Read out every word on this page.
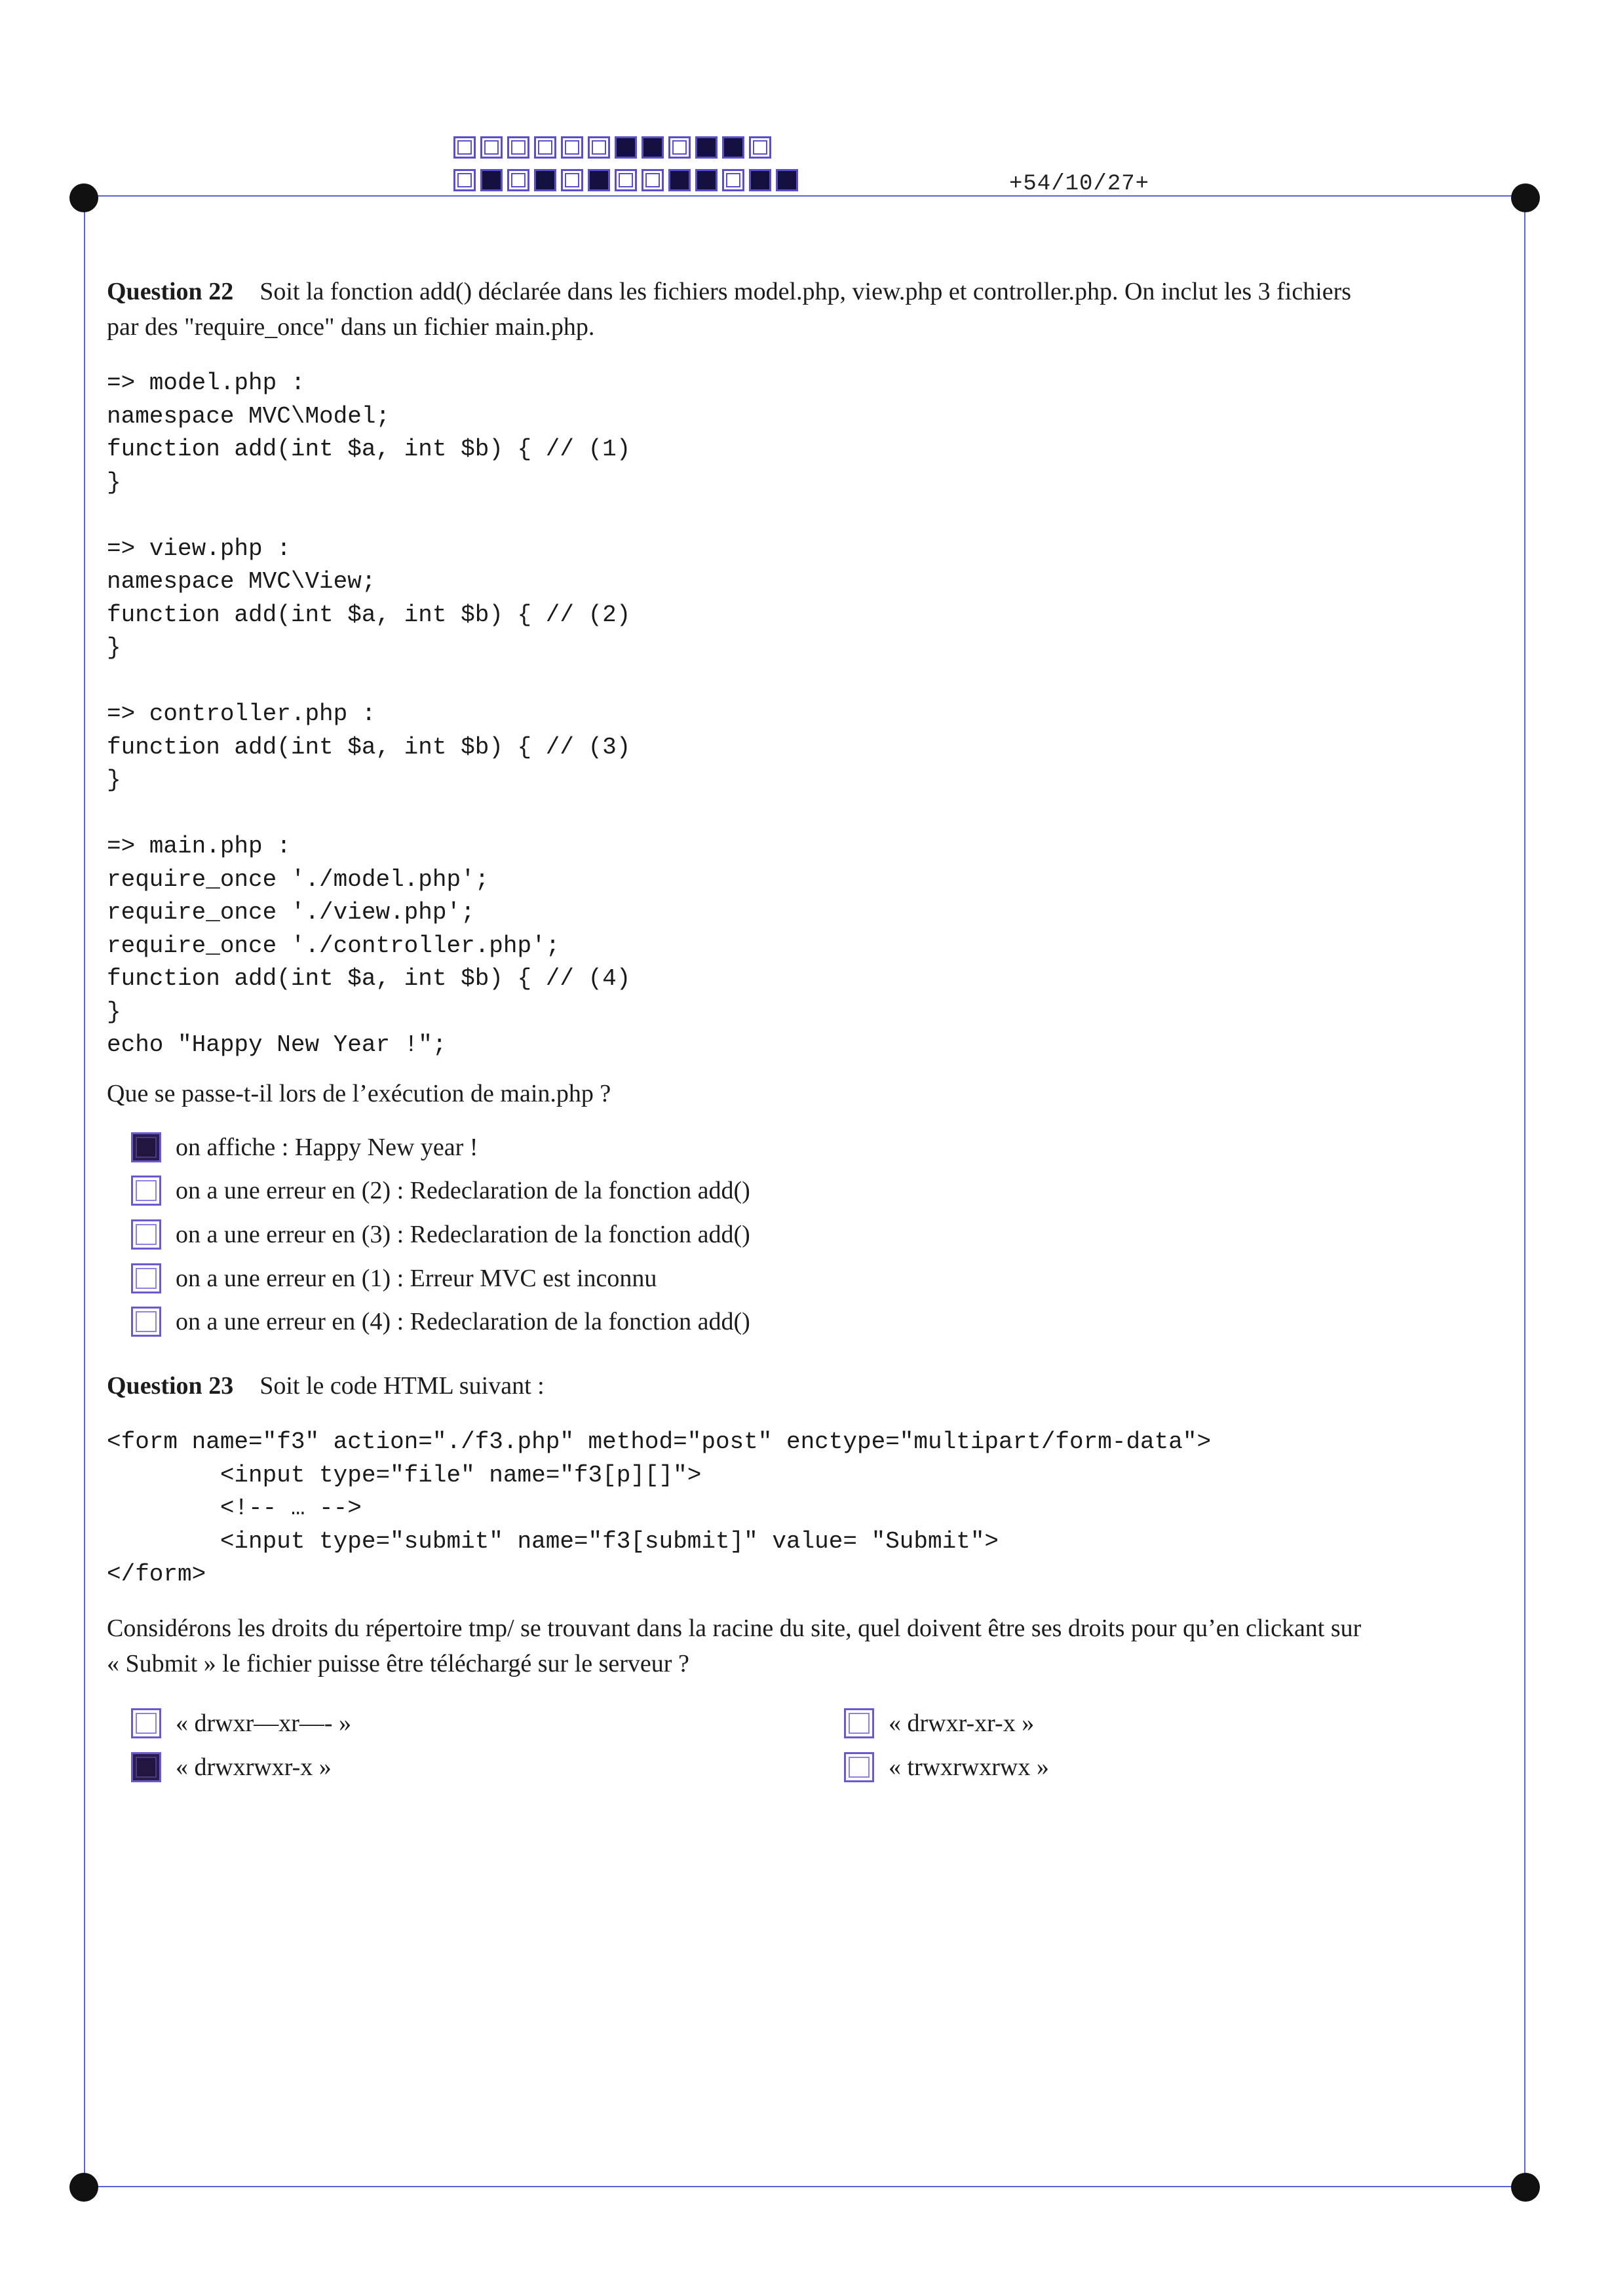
+54/10/27+
Question 22 Soit la fonction add() déclarée dans les fichiers model.php, view.php et controller.php. On inclut les 3 fichiers
par des "require_once" dans un fichier main.php.
=> model.php :
namespace MVC\Model;
function add(int $a, int $b) { // (1)
}

=> view.php :
namespace MVC\View;
function add(int $a, int $b) { // (2)
}

=> controller.php :
function add(int $a, int $b) { // (3)
}

=> main.php :
require_once './model.php';
require_once './view.php';
require_once './controller.php';
function add(int $a, int $b) { // (4)
}
echo "Happy New Year !";
Que se passe-t-il lors de l’exécution de main.php ?
on affiche : Happy New year !
on a une erreur en (2) : Redeclaration de la fonction add()
on a une erreur en (3) : Redeclaration de la fonction add()
on a une erreur en (1) : Erreur MVC est inconnu
on a une erreur en (4) : Redeclaration de la fonction add()
Question 23 Soit le code HTML suivant :
<form name="f3" action="./f3.php" method="post" enctype="multipart/form-data">
<input type="file" name="f3[p][]">
<!-- … -->
<input type="submit" name="f3[submit]" value= "Submit">
</form>
Considérons les droits du répertoire tmp/ se trouvant dans la racine du site, quel doivent être ses droits pour qu’en clickant sur
« Submit » le fichier puisse être téléchargé sur le serveur ?
« drwxr—xr—- »	« drwxr-xr-x »
« drwxrwxr-x »	« trwxrwxrwx »
